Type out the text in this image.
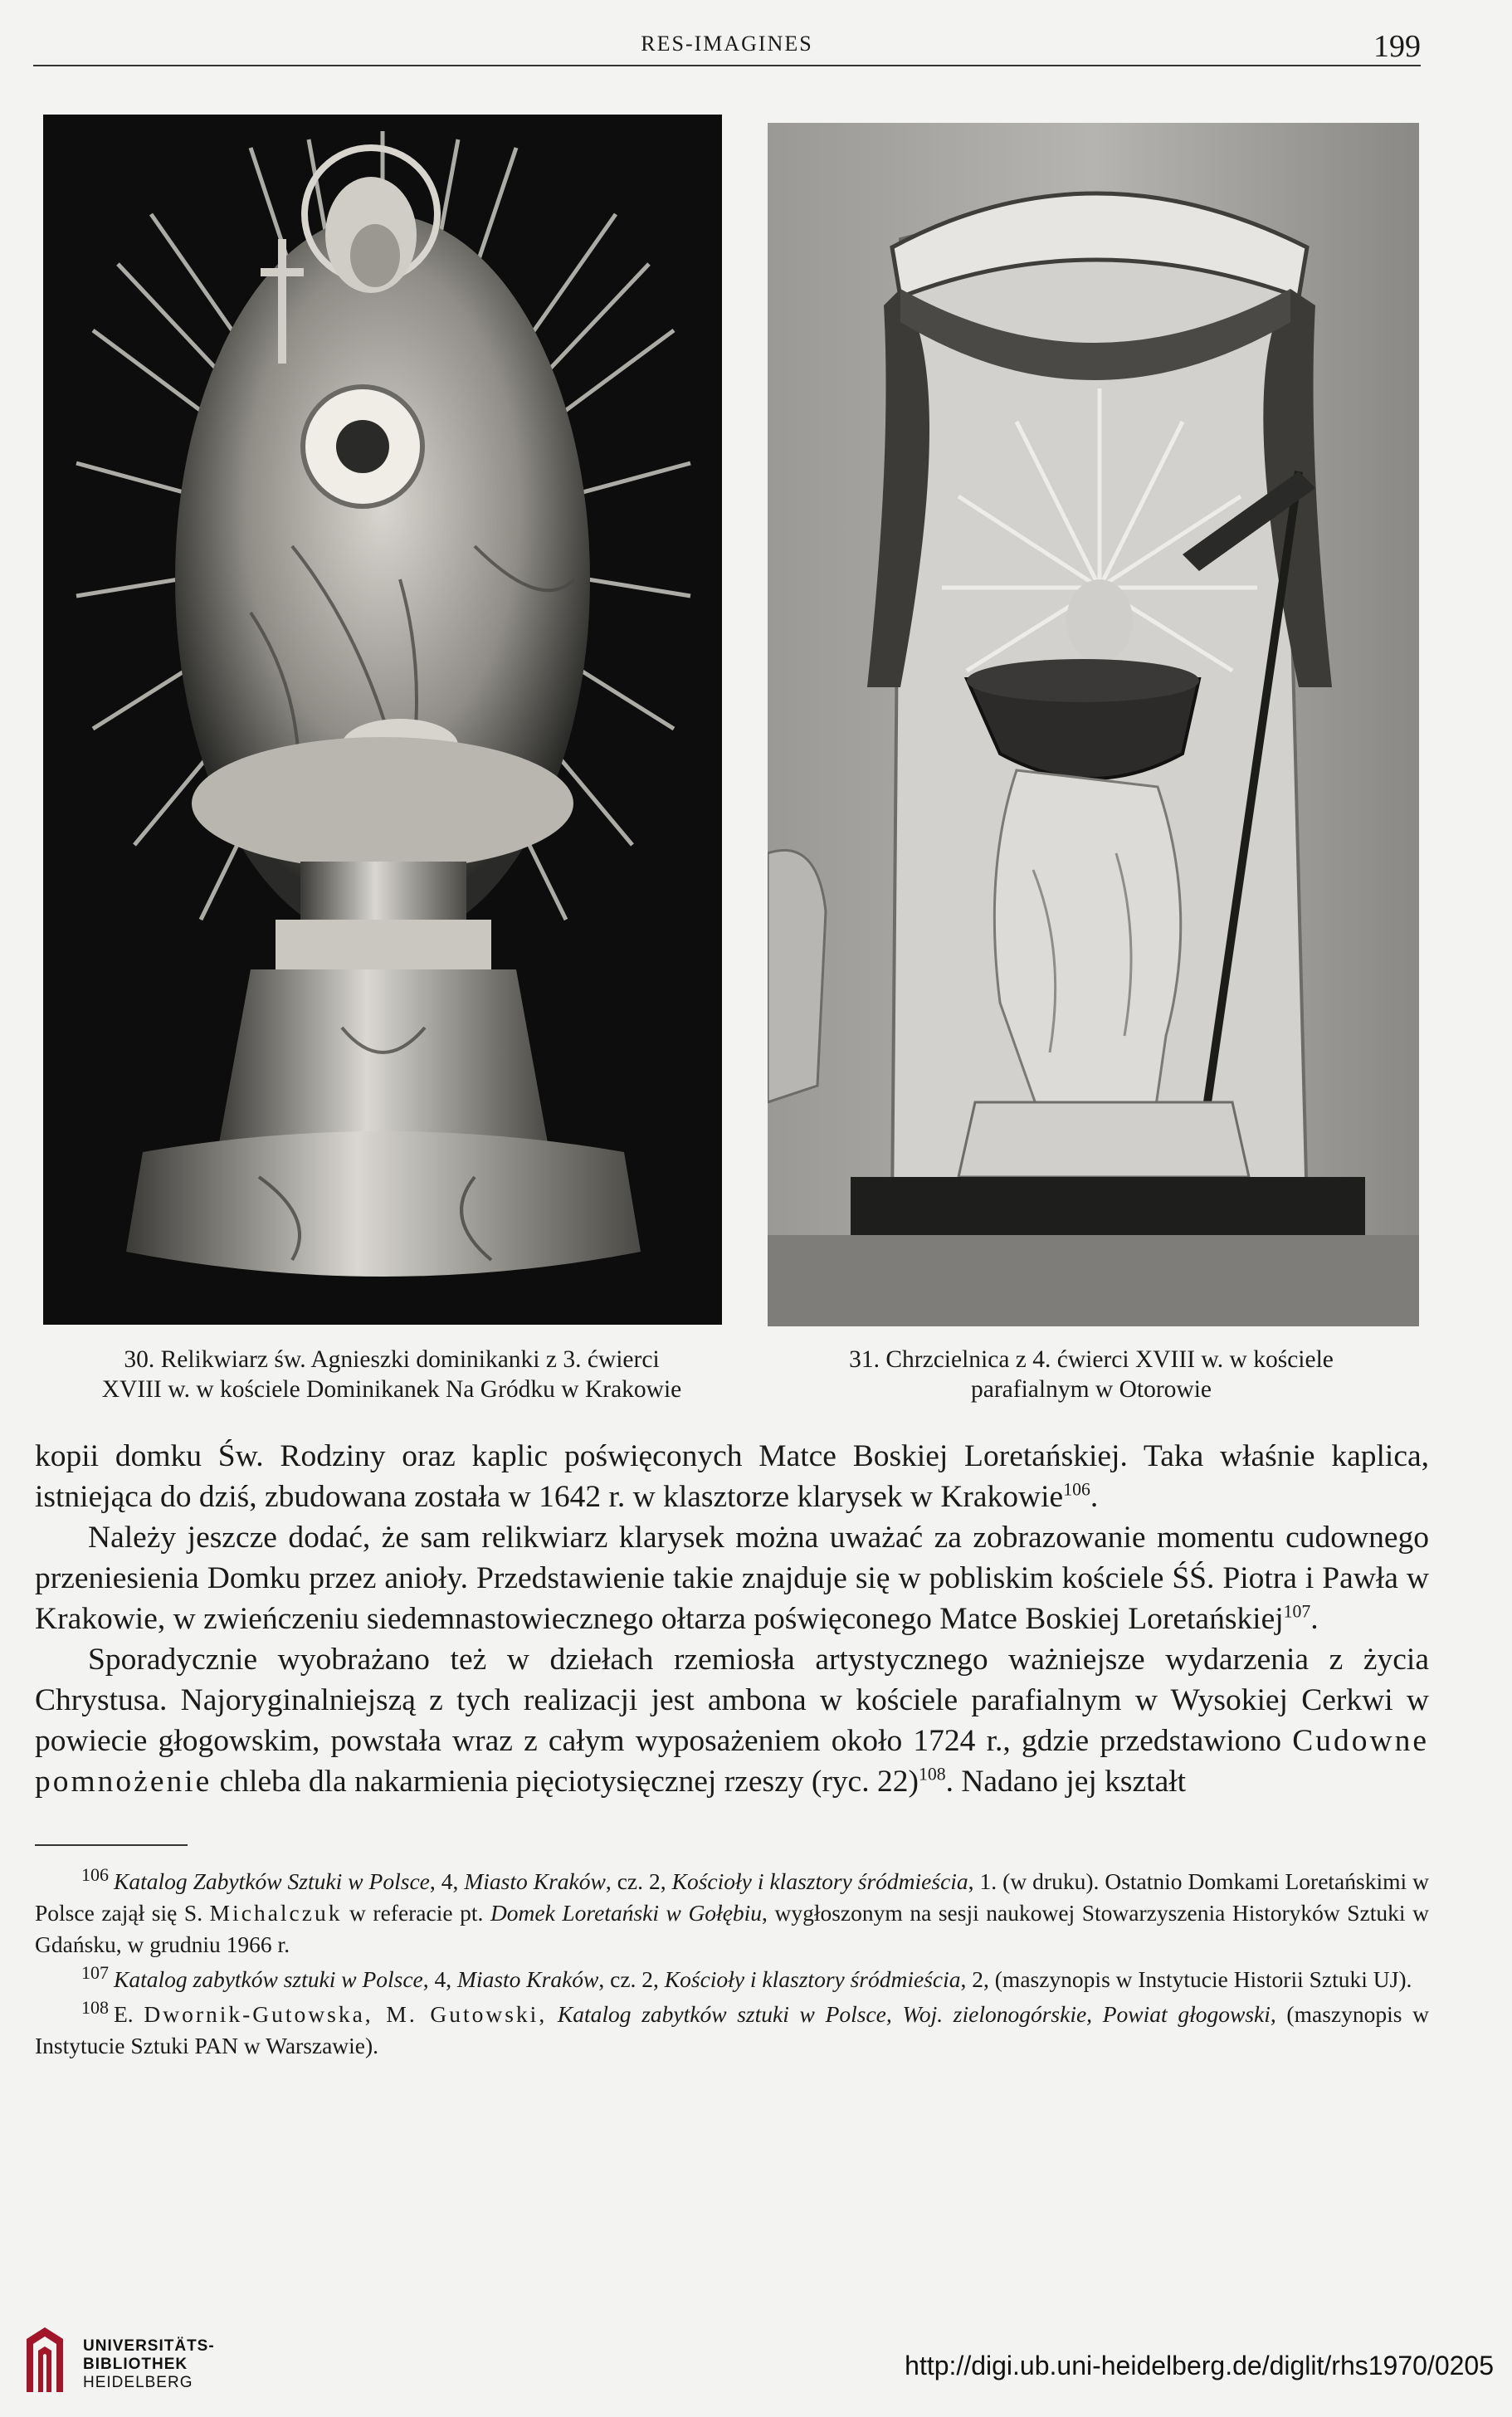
RES-IMAGINES	199
30. Relikwiarz św. Agnieszki dominikanki z 3. ćwierci
XVIII w. w kościele Dominikanek Na Gródku w Krakowie
31. Chrzcielnica z 4. ćwierci XVIII w. w kościele
parafialnym w Otorowie

kopii domku Św. Rodziny oraz kaplic poświęconych Matce Boskiej Loretańskiej. Taka właśnie kaplica, istniejąca do dziś, zbudowana została w 1642 r. w klasztorze klarysek w Krakowie$^{106}$.

Należy jeszcze dodać, że sam relikwiarz klarysek można uważać za zobrazowanie momentu cudownego przeniesienia Domku przez anioły. Przedstawienie takie znajduje się w pobliskim kościele ŚŚ. Piotra i Pawła w Krakowie, w zwieńczeniu siedemnastowiecznego ołtarza poświęconego Matce Boskiej Loretańskiej$^{107}$.

Sporadycznie wyobrażano też w dziełach rzemiosła artystycznego ważniejsze wydarzenia z życia Chrystusa. Najoryginalniejszą z tych realizacji jest ambona w kościele parafialnym w Wysokiej Cerkwi w powiecie głogowskim, powstała wraz z całym wyposażeniem około 1724 r., gdzie przedstawiono Cudowne pomnożenie chleba dla nakarmienia pięciotysięcznej rzeszy (ryc. 22)$^{108}$. Nadano jej kształt

$^{106}$ Katalog Zabytków Sztuki w Polsce, 4, Miasto Kraków, cz. 2, Kościoły i klasztory śródmieścia, 1. (w druku). Ostatnio Domkami Loretańskimi w Polsce zajął się S. Michalczuk w referacie pt. Domek Loretański w Gołębiu, wygłoszonym na sesji naukowej Stowarzyszenia Historyków Sztuki w Gdańsku, w grudniu 1966 r.

$^{107}$ Katalog zabytków sztuki w Polsce, 4, Miasto Kraków, cz. 2, Kościoły i klasztory śródmieścia, 2, (maszynopis w Instytucie Historii Sztuki UJ).

$^{108}$ E. Dwornik-Gutowska, M. Gutowski, Katalog zabytków sztuki w Polsce, Woj. zielonogórskie, Powiat głogowski, (maszynopis w Instytucie Sztuki PAN w Warszawie).

UNIVERSITÄTS-
BIBLIOTHEK
HEIDELBERG
http://digi.ub.uni-heidelberg.de/diglit/rhs1970/0205
